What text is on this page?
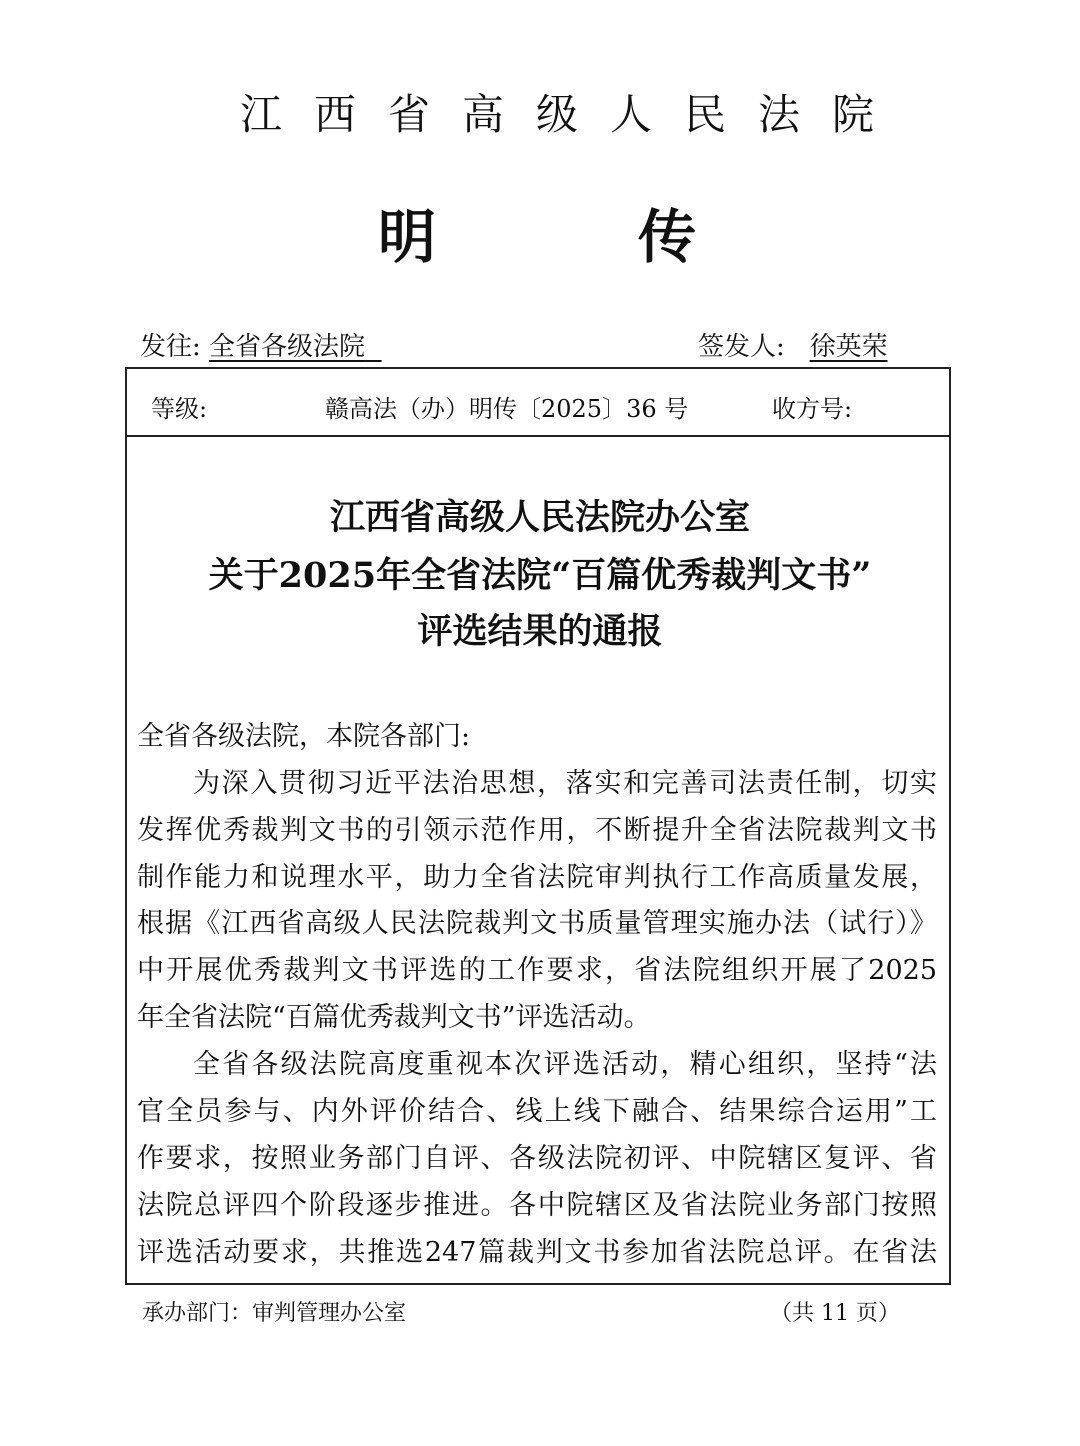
江西省高级人民法院
明	传
发往: 全省各级法院	签发人: 徐英荣
等级:	赣高法（办）明传〔2025〕36 号	收方号:
江西省高级人民法院办公室
关于2025年全省法院“百篇优秀裁判文书”
评选结果的通报
全省各级法院，本院各部门:
为深入贯彻习近平法治思想，落实和完善司法责任制，切实
发挥优秀裁判文书的引领示范作用，不断提升全省法院裁判文书
制作能力和说理水平，助力全省法院审判执行工作高质量发展，
根据《江西省高级人民法院裁判文书质量管理实施办法（试行）》
中开展优秀裁判文书评选的工作要求，省法院组织开展了2025
年全省法院“百篇优秀裁判文书”评选活动。
全省各级法院高度重视本次评选活动，精心组织，坚持“法
官全员参与、内外评价结合、线上线下融合、结果综合运用”工
作要求，按照业务部门自评、各级法院初评、中院辖区复评、省
法院总评四个阶段逐步推进。各中院辖区及省法院业务部门按照
评选活动要求，共推选247篇裁判文书参加省法院总评。在省法
承办部门：审判管理办公室	（共 11 页）
